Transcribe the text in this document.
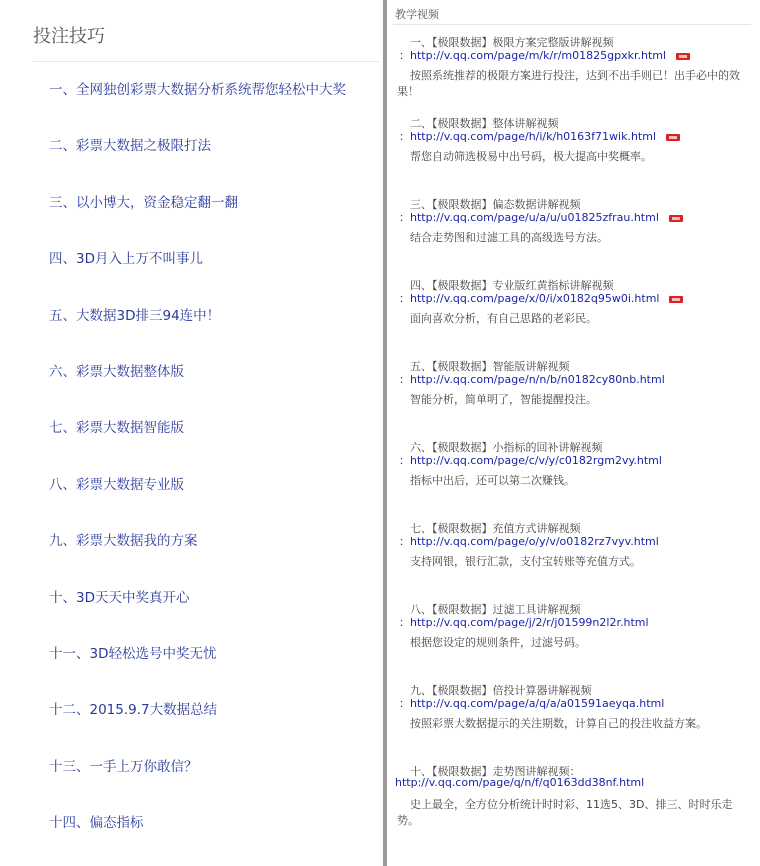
投注技巧
一、全网独创彩票大数据分析系统帮您轻松中大奖
二、彩票大数据之极限打法
三、以小博大，资金稳定翻一翻
四、3D月入上万不叫事儿
五、大数据3D排三94连中！
六、彩票大数据整体版
七、彩票大数据智能版
八、彩票大数据专业版
九、彩票大数据我的方案
十、3D天天中奖真开心
十一、3D轻松选号中奖无忧
十二、2015.9.7大数据总结
十三、一手上万你敢信？
十四、偏态指标
教学视频
一、【极限数据】极限方案完整版讲解视频
：http://v.qq.com/page/m/k/r/m01825gpxkr.html
按照系统推荐的极限方案进行投注，达到不出手则已！出手必中的效果！
二、【极限数据】整体讲解视频
：http://v.qq.com/page/h/i/k/h0163f71wik.html
帮您自动筛选极易中出号码，极大提高中奖概率。
三、【极限数据】偏态数据讲解视频
：http://v.qq.com/page/u/a/u/u01825zfrau.html
结合走势图和过滤工具的高级选号方法。
四、【极限数据】专业版红黄指标讲解视频
：http://v.qq.com/page/x/0/i/x0182q95w0i.html
面向喜欢分析，有自己思路的老彩民。
五、【极限数据】智能版讲解视频
：http://v.qq.com/page/n/n/b/n0182cy80nb.html
智能分析，简单明了，智能提醒投注。
六、【极限数据】小指标的回补讲解视频
：http://v.qq.com/page/c/v/y/c0182rgm2vy.html
指标中出后，还可以第二次赚钱。
七、【极限数据】充值方式讲解视频
：http://v.qq.com/page/o/y/v/o0182rz7vyv.html
支持网银，银行汇款，支付宝转账等充值方式。
八、【极限数据】过滤工具讲解视频
：http://v.qq.com/page/j/2/r/j01599n2l2r.html
根据您设定的规则条件，过滤号码。
九、【极限数据】倍投计算器讲解视频
：http://v.qq.com/page/a/q/a/a01591aeyqa.html
按照彩票大数据提示的关注期数，计算自己的投注收益方案。
十、【极限数据】走势图讲解视频：
http://v.qq.com/page/q/n/f/q0163dd38nf.html
史上最全，全方位分析统计时时彩、11选5、3D、排三、时时乐走势。
